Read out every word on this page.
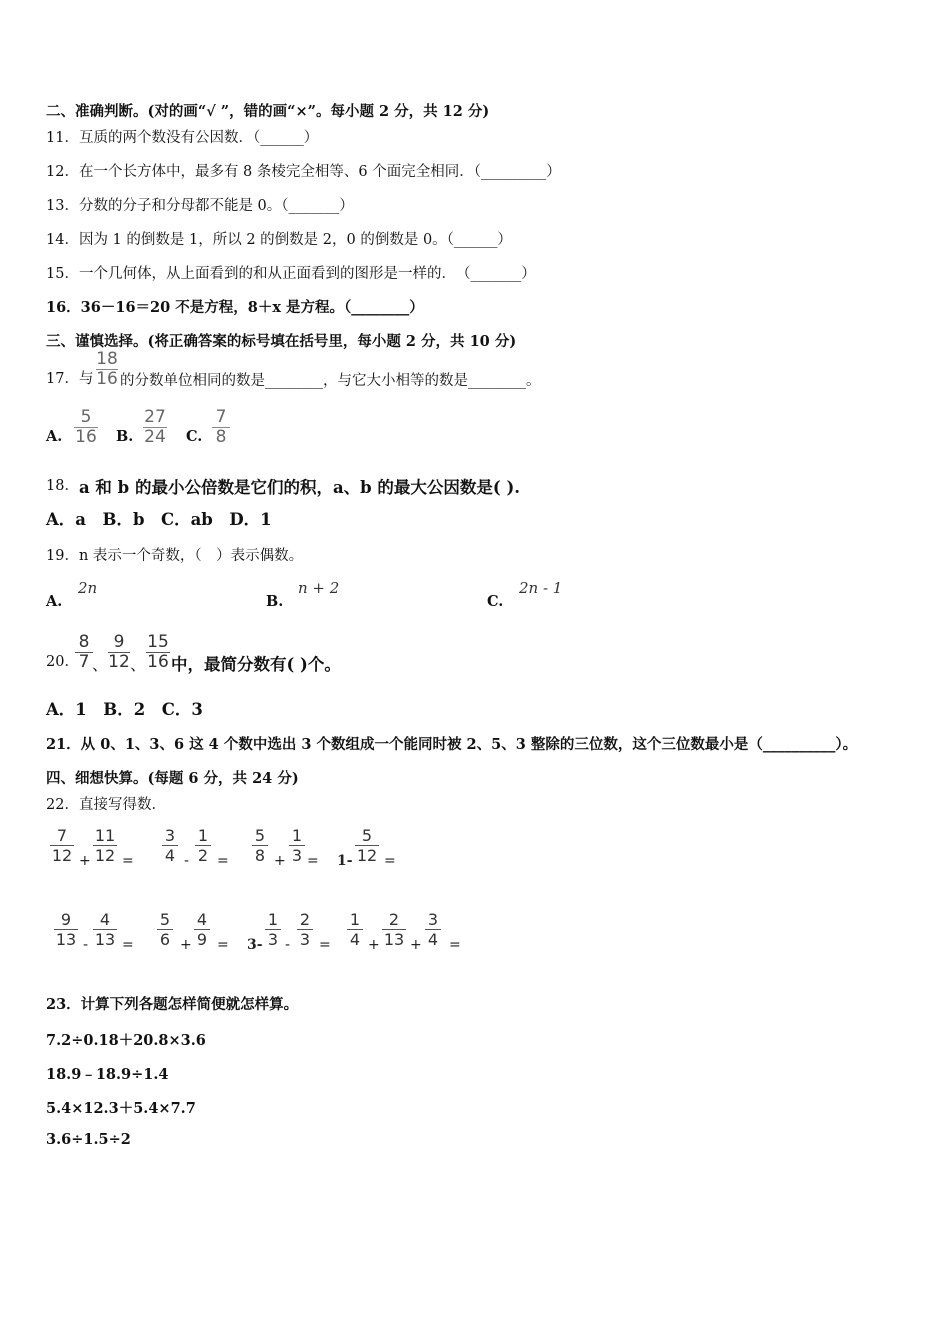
二、准确判断。(对的画“√ ”，错的画“×”。每小题 2 分，共 12 分)
11．互质的两个数没有公因数．（______）
12．在一个长方体中，最多有 8 条棱完全相等、6 个面完全相同．（_________）
13．分数的分子和分母都不能是 0。（_______）
14．因为 1 的倒数是 1，所以 2 的倒数是 2，0 的倒数是 0。（______）
15．一个几何体，从上面看到的和从正面看到的图形是一样的．　（_______）
16．36－16＝20 不是方程，8＋x 是方程。（________）
三、谨慎选择。(将正确答案的标号填在括号里，每小题 2 分，共 10 分)
17．与
18
16 的分数单位相同的数是________，与它大小相等的数是________。
A.
5
16 B.
27
24 C.
7
8
18． a 和 b 的最小公倍数是它们的积，a、b 的最大公因数是( ).
A．a　B．b　C．ab　D．1
19．n 表示一个奇数，（　）表示偶数。
A.
2n
B.
n + 2
C.
2n - 1
20．
8
7 、
9
12 、
15
16 中，最简分数有( )个。
A．1　B．2　C．3
21．从 0、1、3、6 这 4 个数中选出 3 个数组成一个能同时被 2、5、3 整除的三位数，这个三位数最小是（__________）。
四、细想快算。(每题 6 分，共 24 分)
22．直接写得数．
7
12 +
11
12 =
3
4 -
1
2 =
5
8 +
1
3 = 1-
5
12 =
9
13 -
4
13 =
5
6 +
4
9 = 3-
1
3 -
2
3 =
1
4 +
2
13 +
3
4 =
23．计算下列各题怎样简便就怎样算。
7.2÷0.18＋20.8×3.6
18.9﹣18.9÷1.4
5.4×12.3＋5.4×7.7
3.6÷1.5÷2
